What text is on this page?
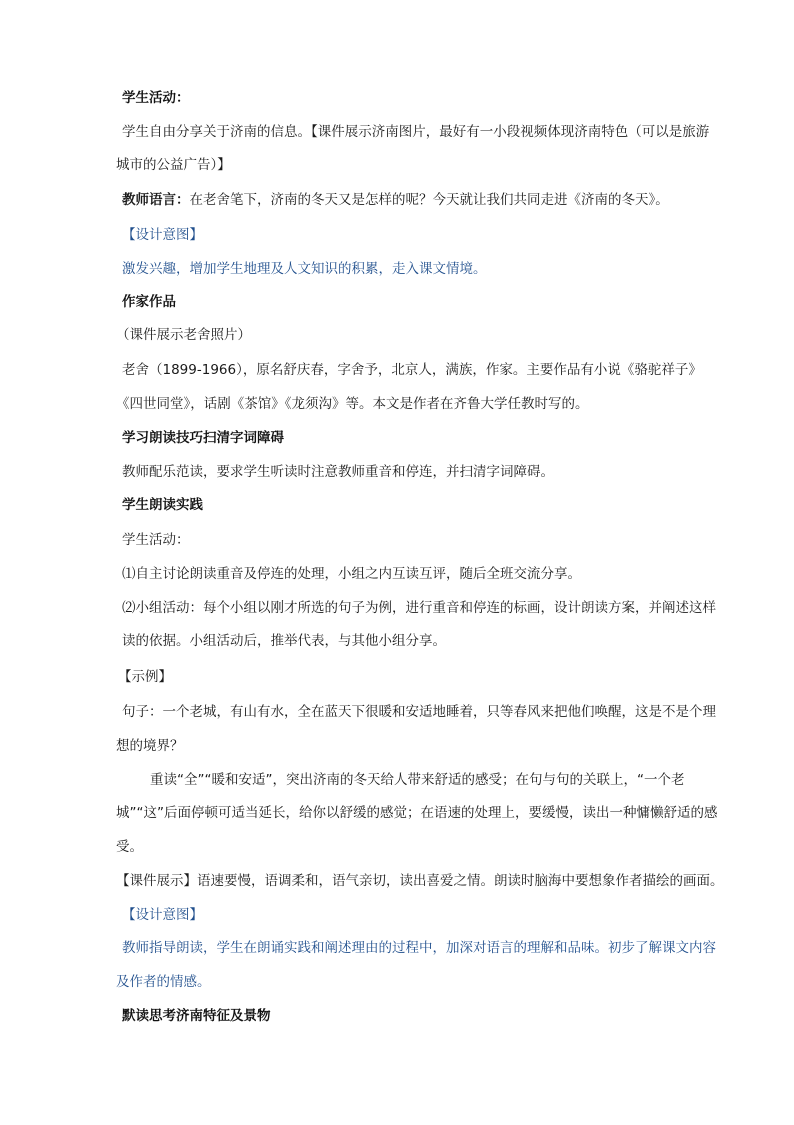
学生活动：
学生自由分享关于济南的信息。【课件展示济南图片，最好有一小段视频体现济南特色（可以是旅游
城市的公益广告）】
教师语言：在老舍笔下，济南的冬天又是怎样的呢？今天就让我们共同走进《济南的冬天》。
【设计意图】
激发兴趣，增加学生地理及人文知识的积累，走入课文情境。
作家作品
（课件展示老舍照片）
老舍（1899-1966），原名舒庆春，字舍予，北京人，满族，作家。主要作品有小说《骆驼祥子》
《四世同堂》，话剧《茶馆》《龙须沟》等。本文是作者在齐鲁大学任教时写的。
学习朗读技巧扫清字词障碍
教师配乐范读，要求学生听读时注意教师重音和停连，并扫清字词障碍。
学生朗读实践
学生活动：
⑴自主讨论朗读重音及停连的处理，小组之内互读互评，随后全班交流分享。
⑵小组活动：每个小组以刚才所选的句子为例，进行重音和停连的标画，设计朗读方案，并阐述这样
读的依据。小组活动后，推举代表，与其他小组分享。
【示例】
句子：一个老城，有山有水，全在蓝天下很暖和安适地睡着，只等春风来把他们唤醒，这是不是个理
想的境界？
重读“全”“暖和安适”，突出济南的冬天给人带来舒适的感受；在句与句的关联上，“一个老
城”“这”后面停顿可适当延长，给你以舒缓的感觉；在语速的处理上，要缓慢，读出一种慵懒舒适的感
受。
【课件展示】语速要慢，语调柔和，语气亲切，读出喜爱之情。朗读时脑海中要想象作者描绘的画面。
【设计意图】
教师指导朗读，学生在朗诵实践和阐述理由的过程中，加深对语言的理解和品味。初步了解课文内容
及作者的情感。
默读思考济南特征及景物
